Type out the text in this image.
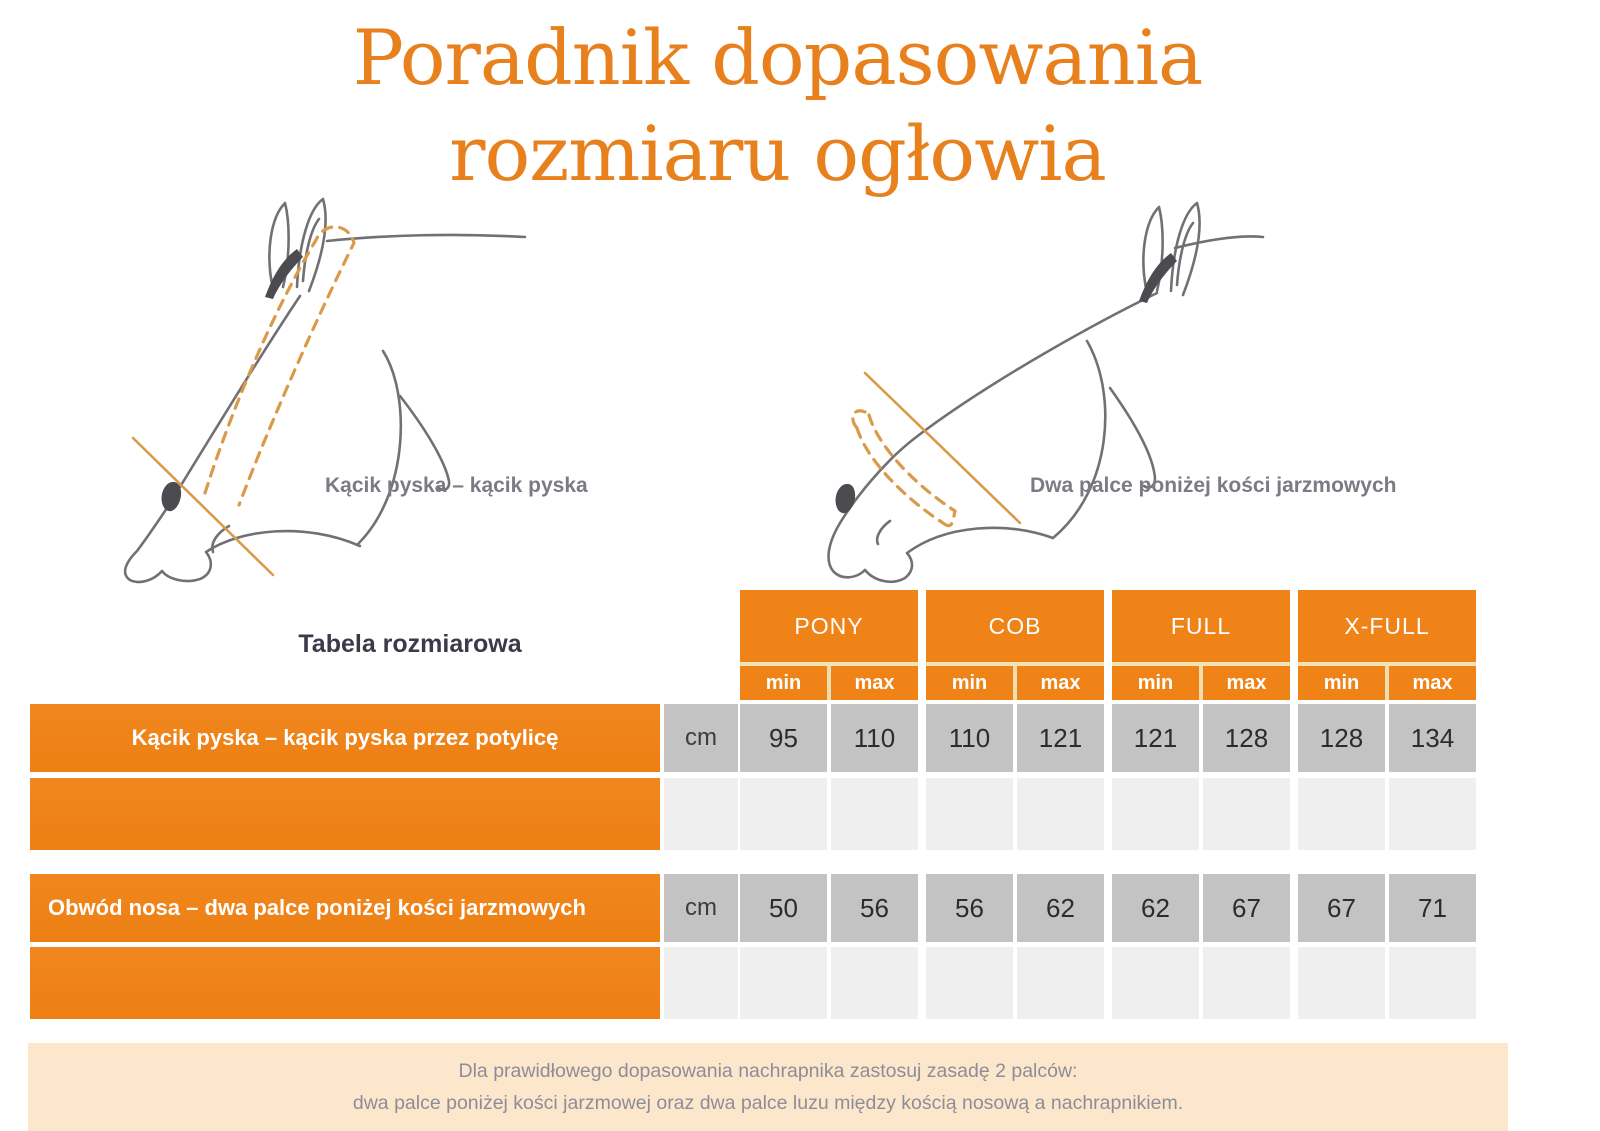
Poradnik dopasowania
rozmiaru ogłowia
Kącik pyska – kącik pyska	Dwa palce poniżej kości jarzmowych
Tabela rozmiarowa
PONY	COB	FULL	X-FULL
min	max	min	max	min	max	min	max
Kącik pyska – kącik pyska przez potylicę	cm	95	110	110	121	121	128	128	134
Obwód nosa – dwa palce poniżej kości jarzmowych	cm	50	56	56	62	62	67	67	71
Dla prawidłowego dopasowania nachrapnika zastosuj zasadę 2 palców:
dwa palce poniżej kości jarzmowej oraz dwa palce luzu między kością nosową a nachrapnikiem.
